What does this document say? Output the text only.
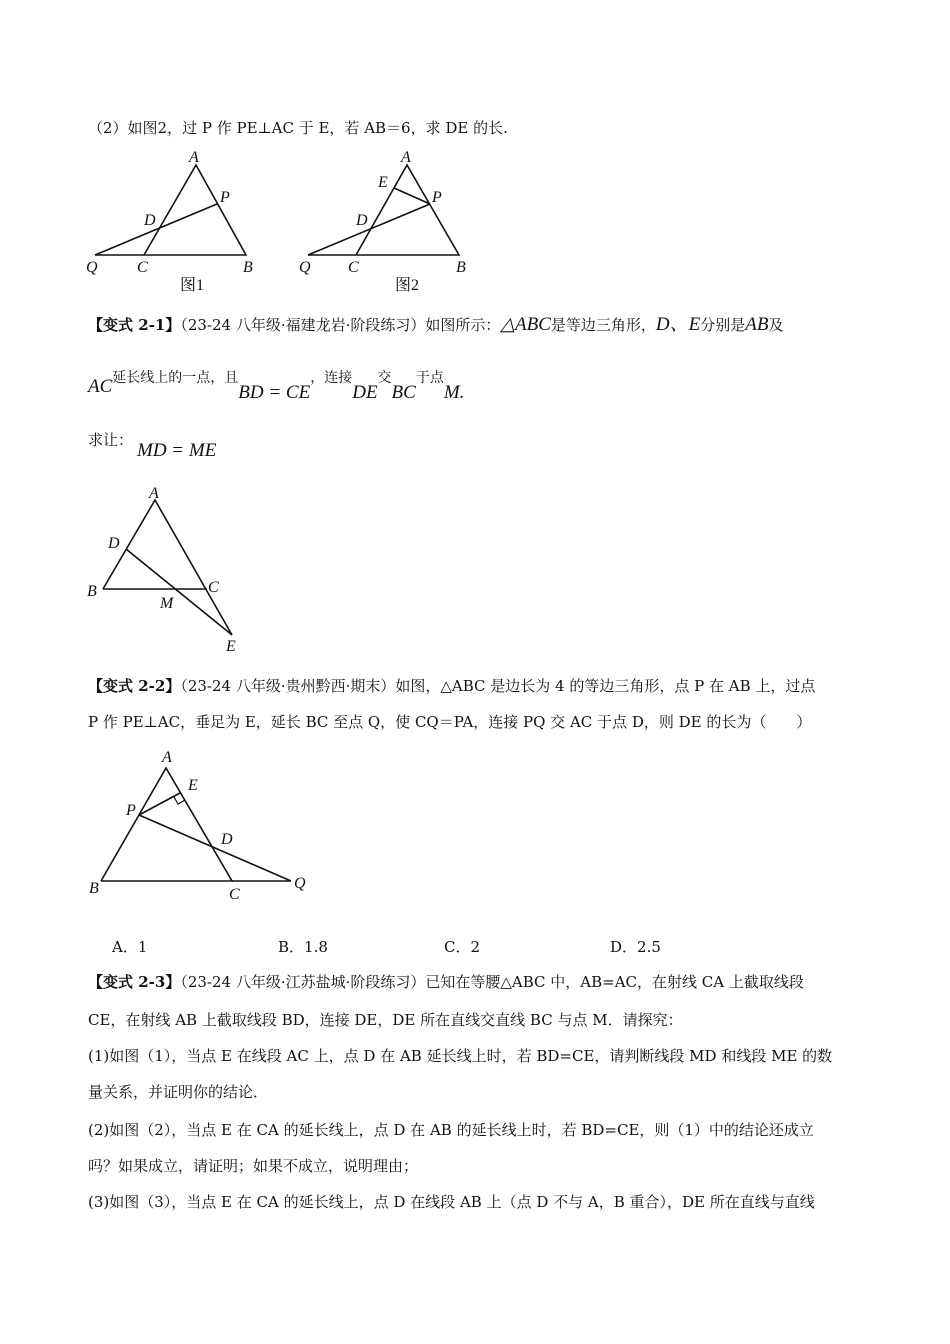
（2）如图2，过 P 作 PE⊥AC 于 E，若 AB＝6，求 DE 的长.
A
P
D
Q C	B
图1
A
E
P
D
Q C	B
图2
A
D
B	C
M
E
A
E
P
D
B	C
Q
【变式 2-1】（23-24 八年级·福建龙岩·阶段练习）如图所示：△ABC是等边三角形，D、E分别是AB及
AC延长线上的一点，且BD = CE，连接DE交BC于点M.
求让： MD = ME
【变式 2-2】（23-24 八年级·贵州黔西·期末）如图，△ABC 是边长为 4 的等边三角形，点 P 在 AB 上，过点
P 作 PE⊥AC，垂足为 E，延长 BC 至点 Q，使 CQ＝PA，连接 PQ 交 AC 于点 D，则 DE 的长为（　　）
A．1	B．1.8	C．2	D．2.5
【变式 2-3】（23-24 八年级·江苏盐城·阶段练习）已知在等腰△ABC 中，AB=AC，在射线 CA 上截取线段
CE，在射线 AB 上截取线段 BD，连接 DE，DE 所在直线交直线 BC 与点 M．请探究：
(1)如图（1），当点 E 在线段 AC 上，点 D 在 AB 延长线上时，若 BD=CE，请判断线段 MD 和线段 ME 的数
量关系，并证明你的结论．
(2)如图（2），当点 E 在 CA 的延长线上，点 D 在 AB 的延长线上时，若 BD=CE，则（1）中的结论还成立
吗？如果成立，请证明；如果不成立，说明理由；
(3)如图（3），当点 E 在 CA 的延长线上，点 D 在线段 AB 上（点 D 不与 A，B 重合），DE 所在直线与直线
